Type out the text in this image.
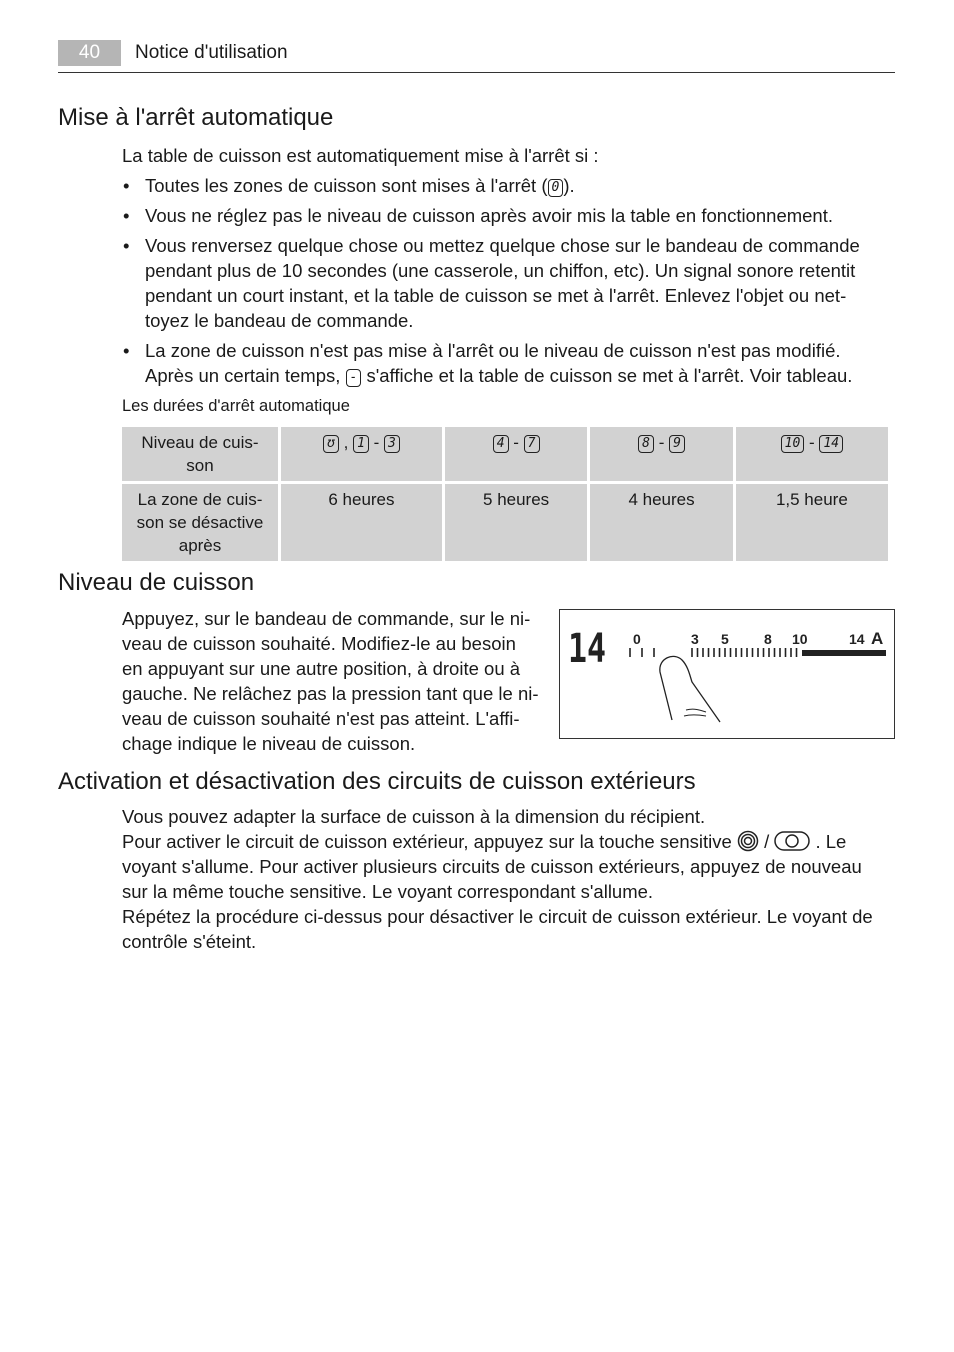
40	Notice d'utilisation
Mise à l'arrêt automatique
La table de cuisson est automatiquement mise à l'arrêt si :
• Toutes les zones de cuisson sont mises à l'arrêt ( 0 ).
• Vous ne réglez pas le niveau de cuisson après avoir mis la table en fonctionnement.
• Vous renversez quelque chose ou mettez quelque chose sur le bandeau de commande
pendant plus de 10 secondes (une casserole, un chiffon, etc). Un signal sonore retentit
pendant un court instant, et la table de cuisson se met à l'arrêt. Enlevez l'objet ou net-
toyez le bandeau de commande.
• La zone de cuisson n'est pas mise à l'arrêt ou le niveau de cuisson n'est pas modifié.
Après un certain temps, - s'affiche et la table de cuisson se met à l'arrêt. Voir tableau.
Les durées d'arrêt automatique
Niveau de cuis-
son	ʊ , 1 - 3	4 - 7	8 - 9	10 - 14

La zone de cuis-
son se désactive
après	6 heures	5 heures	4 heures	1,5 heure
Niveau de cuisson
Appuyez, sur le bandeau de commande, sur le ni-
veau de cuisson souhaité. Modifiez-le au besoin
en appuyant sur une autre position, à droite ou à
gauche. Ne relâchez pas la pression tant que le ni-
veau de cuisson souhaité n'est pas atteint. L'affi-
chage indique le niveau de cuisson.
14 0	3 5	8 10	14 A
Activation et désactivation des circuits de cuisson extérieurs
Vous pouvez adapter la surface de cuisson à la dimension du récipient.
Pour activer le circuit de cuisson extérieur, appuyez sur la touche sensitive /	. Le
voyant s'allume. Pour activer plusieurs circuits de cuisson extérieurs, appuyez de nouveau
sur la même touche sensitive. Le voyant correspondant s'allume.
Répétez la procédure ci-dessus pour désactiver le circuit de cuisson extérieur. Le voyant de
contrôle s'éteint.
